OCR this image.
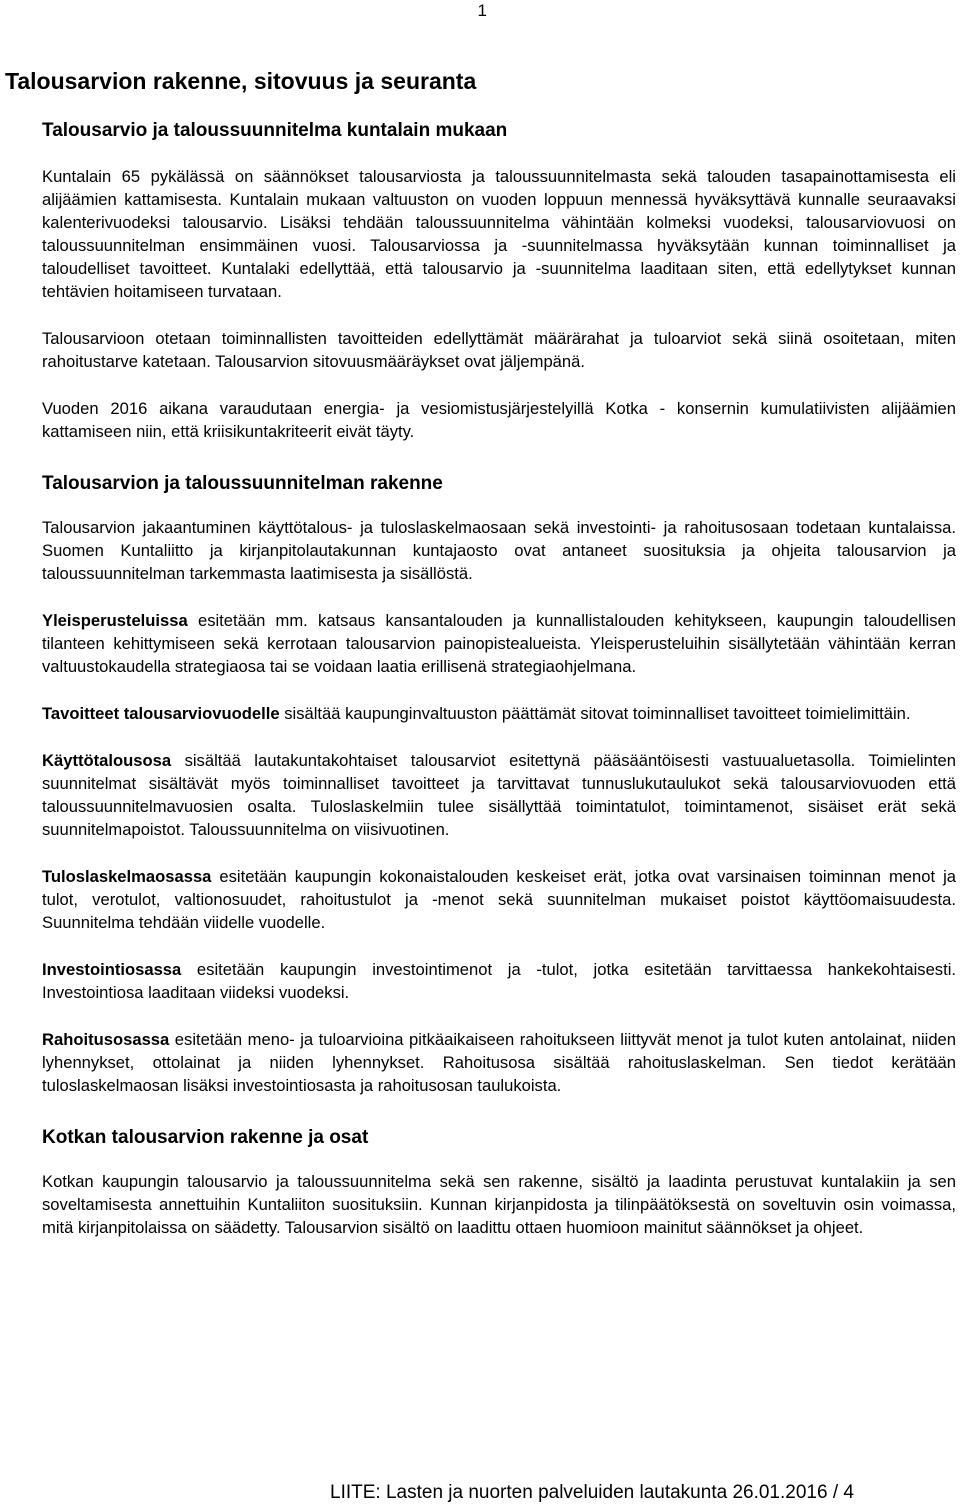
1
Talousarvion rakenne, sitovuus ja seuranta
Talousarvio ja taloussuunnitelma kuntalain mukaan

Kuntalain 65 pykälässä on säännökset talousarviosta ja taloussuunnitelmasta sekä talouden tasapainottamisesta eli alijäämien kattamisesta. Kuntalain mukaan valtuuston on vuoden loppuun mennessä hyväksyttävä kunnalle seuraavaksi kalenterivuodeksi talousarvio. Lisäksi tehdään taloussuunnitelma vähintään kolmeksi vuodeksi, talousarviovuosi on taloussuunnitelman ensimmäinen vuosi. Talousarviossa ja -suunnitelmassa hyväksytään kunnan toiminnalliset ja taloudelliset tavoitteet. Kuntalaki edellyttää, että talousarvio ja -suunnitelma laaditaan siten, että edellytykset kunnan tehtävien hoitamiseen turvataan.

Talousarvioon otetaan toiminnallisten tavoitteiden edellyttämät määrärahat ja tuloarviot sekä siinä osoitetaan, miten rahoitustarve katetaan. Talousarvion sitovuusmääräykset ovat jäljempänä.

Vuoden 2016 aikana varaudutaan energia- ja vesiomistusjärjestelyillä Kotka - konsernin kumulatiivisten alijäämien kattamiseen niin, että kriisikuntakriteerit eivät täyty.

Talousarvion ja taloussuunnitelman rakenne

Talousarvion jakaantuminen käyttötalous- ja tuloslaskelmaosaan sekä investointi- ja rahoitusosaan todetaan kuntalaissa. Suomen Kuntaliitto ja kirjanpitolautakunnan kuntajaosto ovat antaneet suosituksia ja ohjeita talousarvion ja taloussuunnitelman tarkemmasta laatimisesta ja sisällöstä.

Yleisperusteluissa esitetään mm. katsaus kansantalouden ja kunnallistalouden kehitykseen, kaupungin taloudellisen tilanteen kehittymiseen sekä kerrotaan talousarvion painopistealueista. Yleisperusteluihin sisällytetään vähintään kerran valtuustokaudella strategiaosa tai se voidaan laatia erillisenä strategiaohjelmana.

Tavoitteet talousarviovuodelle sisältää kaupunginvaltuuston päättämät sitovat toiminnalliset tavoitteet toimielimittäin.

Käyttötalousosa sisältää lautakuntakohtaiset talousarviot esitettynä pääsääntöisesti vastuualuetasolla. Toimielinten suunnitelmat sisältävät myös toiminnalliset tavoitteet ja tarvittavat tunnuslukutaulukot sekä talousarviovuoden että taloussuunnitelmavuosien osalta. Tuloslaskelmiin tulee sisällyttää toimintatulot, toimintamenot, sisäiset erät sekä suunnitelmapoistot. Taloussuunnitelma on viisivuotinen.

Tuloslaskelmaosassa esitetään kaupungin kokonaistalouden keskeiset erät, jotka ovat varsinaisen toiminnan menot ja tulot, verotulot, valtionosuudet, rahoitustulot ja -menot sekä suunnitelman mukaiset poistot käyttöomaisuudesta. Suunnitelma tehdään viidelle vuodelle.

Investointiosassa esitetään kaupungin investointimenot ja -tulot, jotka esitetään tarvittaessa hankekohtaisesti. Investointiosa laaditaan viideksi vuodeksi.

Rahoitusosassa esitetään meno- ja tuloarvioina pitkäaikaiseen rahoitukseen liittyvät menot ja tulot kuten antolainat, niiden lyhennykset, ottolainat ja niiden lyhennykset. Rahoitusosa sisältää rahoituslaskelman. Sen tiedot kerätään tuloslaskelmaosan lisäksi investointiosasta ja rahoitusosan taulukoista.

Kotkan talousarvion rakenne ja osat

Kotkan kaupungin talousarvio ja taloussuunnitelma sekä sen rakenne, sisältö ja laadinta perustuvat kuntalakiin ja sen soveltamisesta annettuihin Kuntaliiton suosituksiin. Kunnan kirjanpidosta ja tilinpäätöksestä on soveltuvin osin voimassa, mitä kirjanpitolaissa on säädetty. Talousarvion sisältö on laadittu ottaen huomioon mainitut säännökset ja ohjeet.

LIITE: Lasten ja nuorten palveluiden lautakunta 26.01.2016 / 4
